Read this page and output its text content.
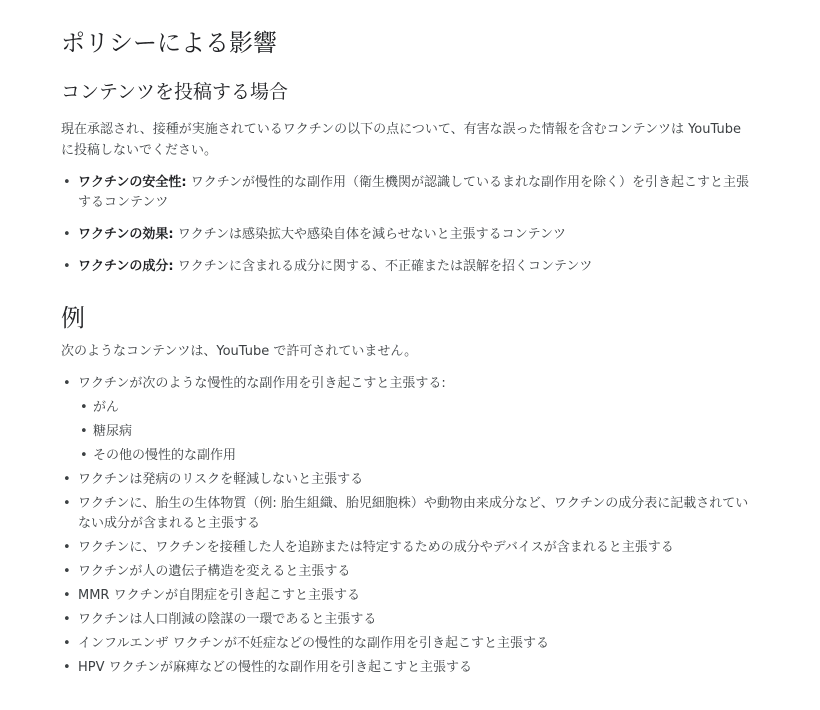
ポリシーによる影響
コンテンツを投稿する場合

現在承認され、接種が実施されているワクチンの以下の点について、有害な誤った情報を含むコンテンツは YouTube に投稿しないでください。

• ワクチンの安全性: ワクチンが慢性的な副作用（衛生機関が認識しているまれな副作用を除く）を引き起こすと主張するコンテンツ
• ワクチンの効果: ワクチンは感染拡大や感染自体を減らせないと主張するコンテンツ
• ワクチンの成分: ワクチンに含まれる成分に関する、不正確または誤解を招くコンテンツ
例

次のようなコンテンツは、YouTube で許可されていません。

• ワクチンが次のような慢性的な副作用を引き起こすと主張する:
• がん
• 糖尿病
• その他の慢性的な副作用
• ワクチンは発病のリスクを軽減しないと主張する
• ワクチンに、胎生の生体物質（例: 胎生組織、胎児細胞株）や動物由来成分など、ワクチンの成分表に記載されていない成分が含まれると主張する
• ワクチンに、ワクチンを接種した人を追跡または特定するための成分やデバイスが含まれると主張する
• ワクチンが人の遺伝子構造を変えると主張する
• MMR ワクチンが自閉症を引き起こすと主張する
• ワクチンは人口削減の陰謀の一環であると主張する
• インフルエンザ ワクチンが不妊症などの慢性的な副作用を引き起こすと主張する
• HPV ワクチンが麻痺などの慢性的な副作用を引き起こすと主張する
